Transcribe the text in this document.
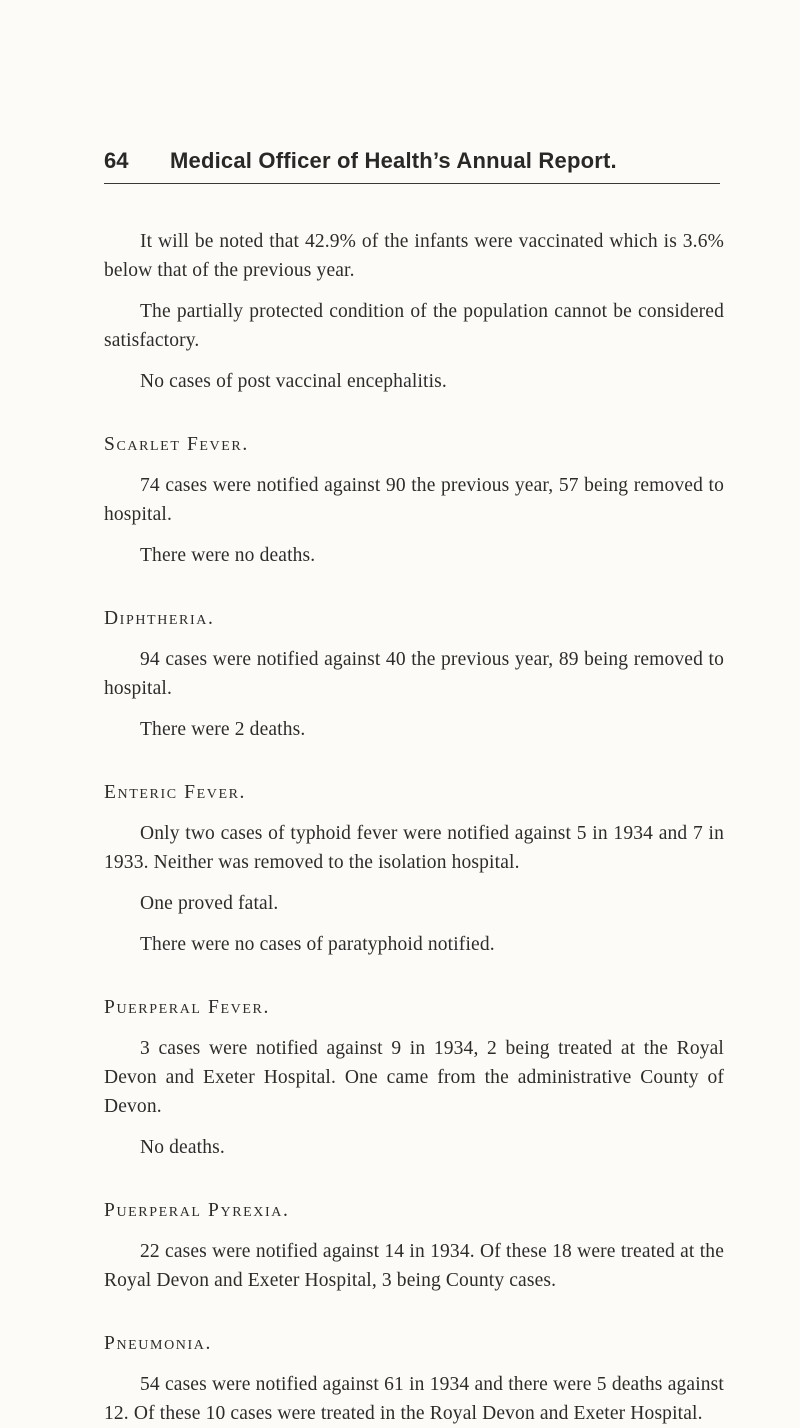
64 Medical Officer of Health’s Annual Report.

It will be noted that 42.9% of the infants were vaccinated which is 3.6% below that of the previous year.

The partially protected condition of the population cannot be considered satisfactory.

No cases of post vaccinal encephalitis.

Scarlet Fever.

74 cases were notified against 90 the previous year, 57 being removed to hospital.

There were no deaths.

Diphtheria.

94 cases were notified against 40 the previous year, 89 being removed to hospital.

There were 2 deaths.

Enteric Fever.

Only two cases of typhoid fever were notified against 5 in 1934 and 7 in 1933. Neither was removed to the isolation hospital.

One proved fatal.

There were no cases of paratyphoid notified.

Puerperal Fever.

3 cases were notified against 9 in 1934, 2 being treated at the Royal Devon and Exeter Hospital. One came from the administrative County of Devon.

No deaths.

Puerperal Pyrexia.

22 cases were notified against 14 in 1934. Of these 18 were treated at the Royal Devon and Exeter Hospital, 3 being County cases.

Pneumonia.

54 cases were notified against 61 in 1934 and there were 5 deaths against 12. Of these 10 cases were treated in the Royal Devon and Exeter Hospital.
